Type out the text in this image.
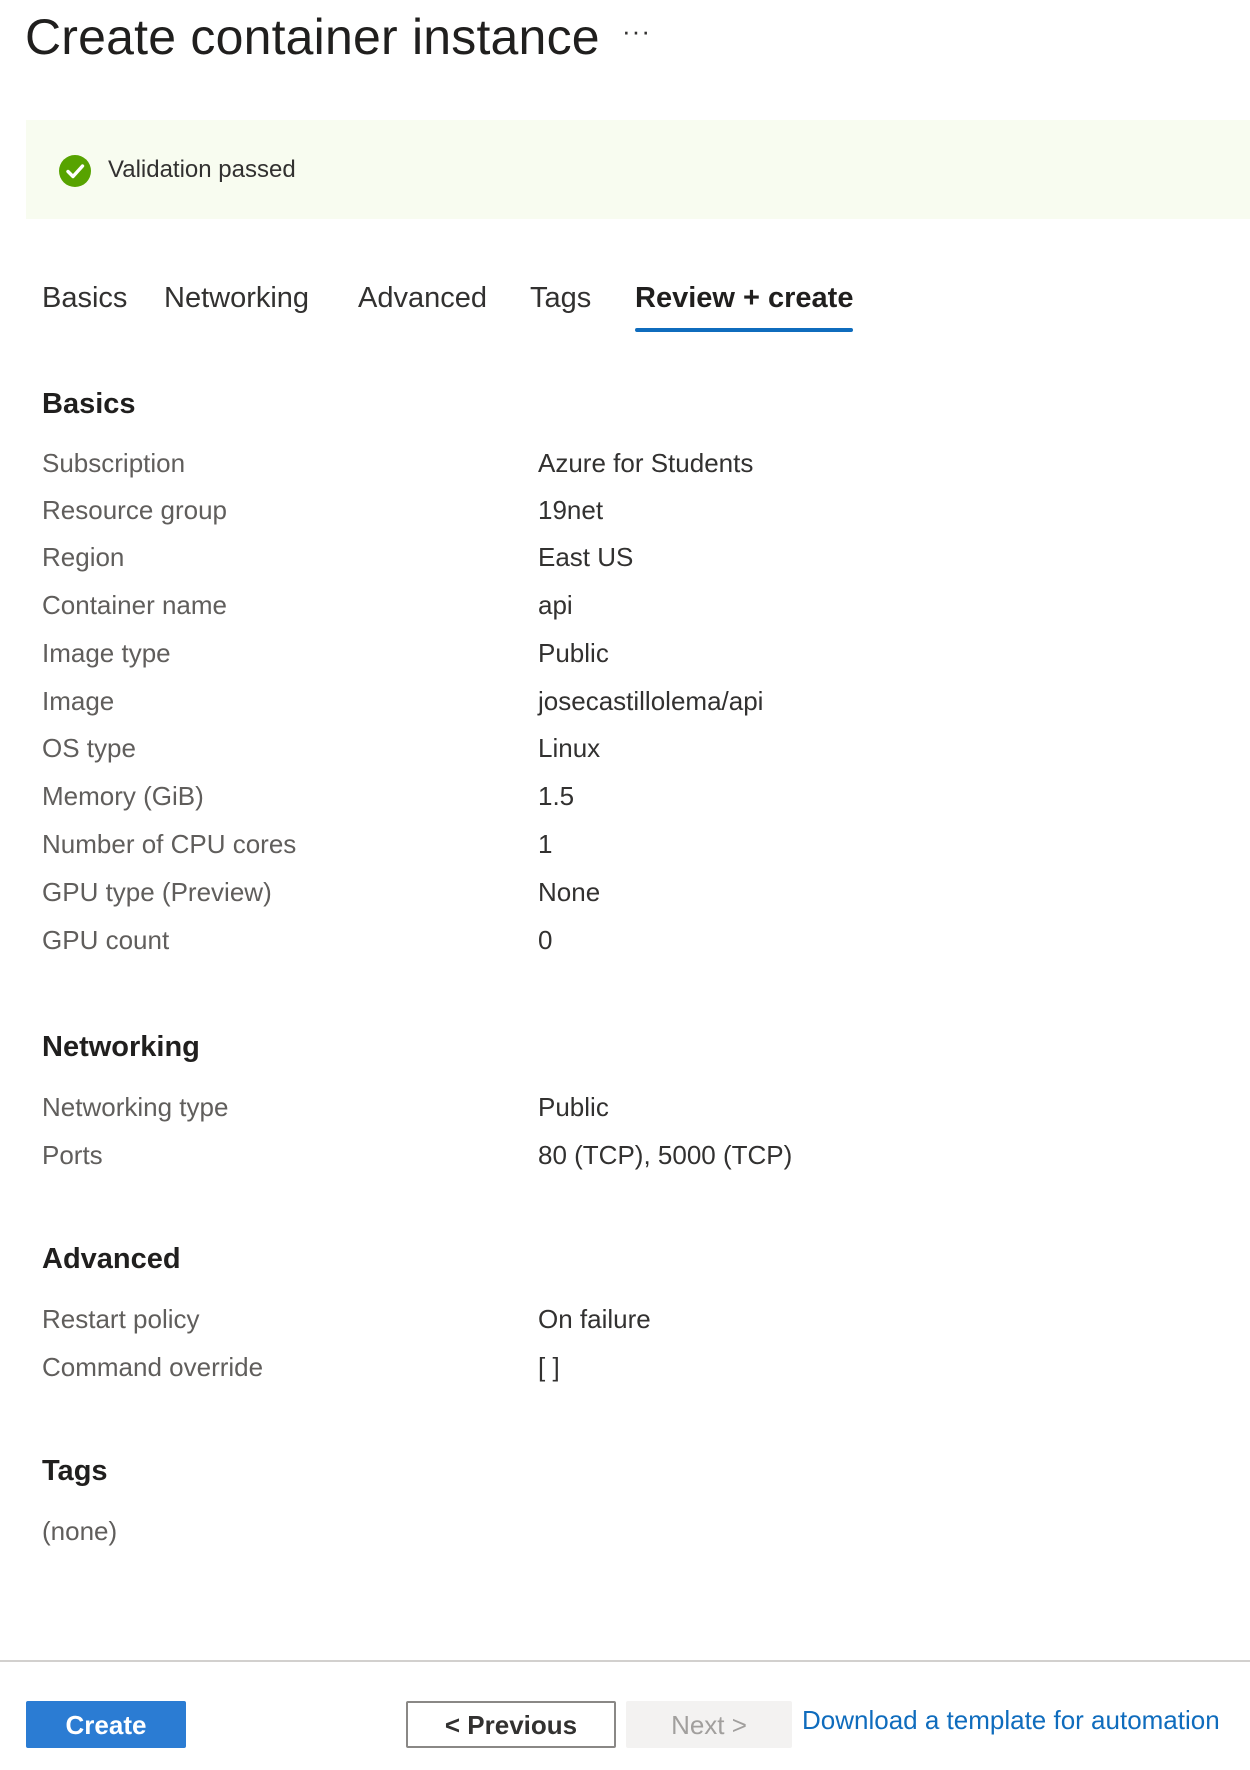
Create container instance ···
Validation passed
Basics Networking Advanced Tags Review + create
Basics
Subscription	Azure for Students
Resource group	19net
Region	East US
Container name	api
Image type	Public
Image	josecastillolema/api
OS type	Linux
Memory (GiB)	1.5
Number of CPU cores	1
GPU type (Preview)	None
GPU count	0
Networking
Networking type	Public
Ports	80 (TCP), 5000 (TCP)
Advanced
Restart policy	On failure
Command override	[ ]
Tags
(none)
Create	< Previous	Next >	Download a template for automation
